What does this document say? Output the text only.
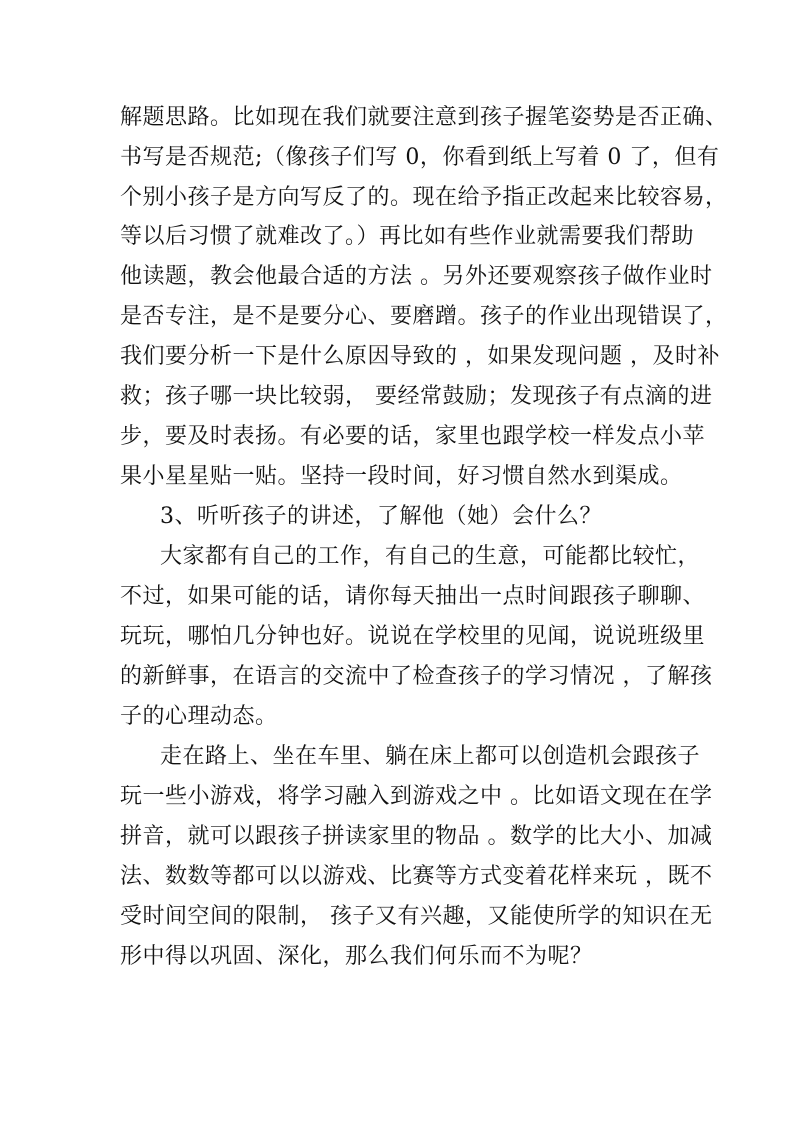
解题思路。比如现在我们就要注意到孩子握笔姿势是否正确、
书写是否规范;（像孩子们写 0，你看到纸上写着 0 了，但有
个别小孩子是方向写反了的。现在给予指正改起来比较容易，
等以后习惯了就难改了。）再比如有些作业就需要我们帮助
他读题，教会他最合适的方法 。另外还要观察孩子做作业时
是否专注，是不是要分心、要磨蹭。孩子的作业出现错误了，
我们要分析一下是什么原因导致的 ，如果发现问题 ，及时补
救；孩子哪一块比较弱， 要经常鼓励；发现孩子有点滴的进
步，要及时表扬。有必要的话，家里也跟学校一样发点小苹
果小星星贴一贴。坚持一段时间，好习惯自然水到渠成。
3、听听孩子的讲述，了解他（她）会什么？
大家都有自己的工作，有自己的生意，可能都比较忙，
不过，如果可能的话，请你每天抽出一点时间跟孩子聊聊、
玩玩，哪怕几分钟也好。说说在学校里的见闻，说说班级里
的新鲜事，在语言的交流中了检查孩子的学习情况 ，了解孩
子的心理动态。
走在路上、坐在车里、躺在床上都可以创造机会跟孩子
玩一些小游戏，将学习融入到游戏之中 。比如语文现在在学
拼音，就可以跟孩子拼读家里的物品 。数学的比大小、加减
法、数数等都可以以游戏、比赛等方式变着花样来玩 ，既不
受时间空间的限制， 孩子又有兴趣，又能使所学的知识在无
形中得以巩固、深化，那么我们何乐而不为呢？
